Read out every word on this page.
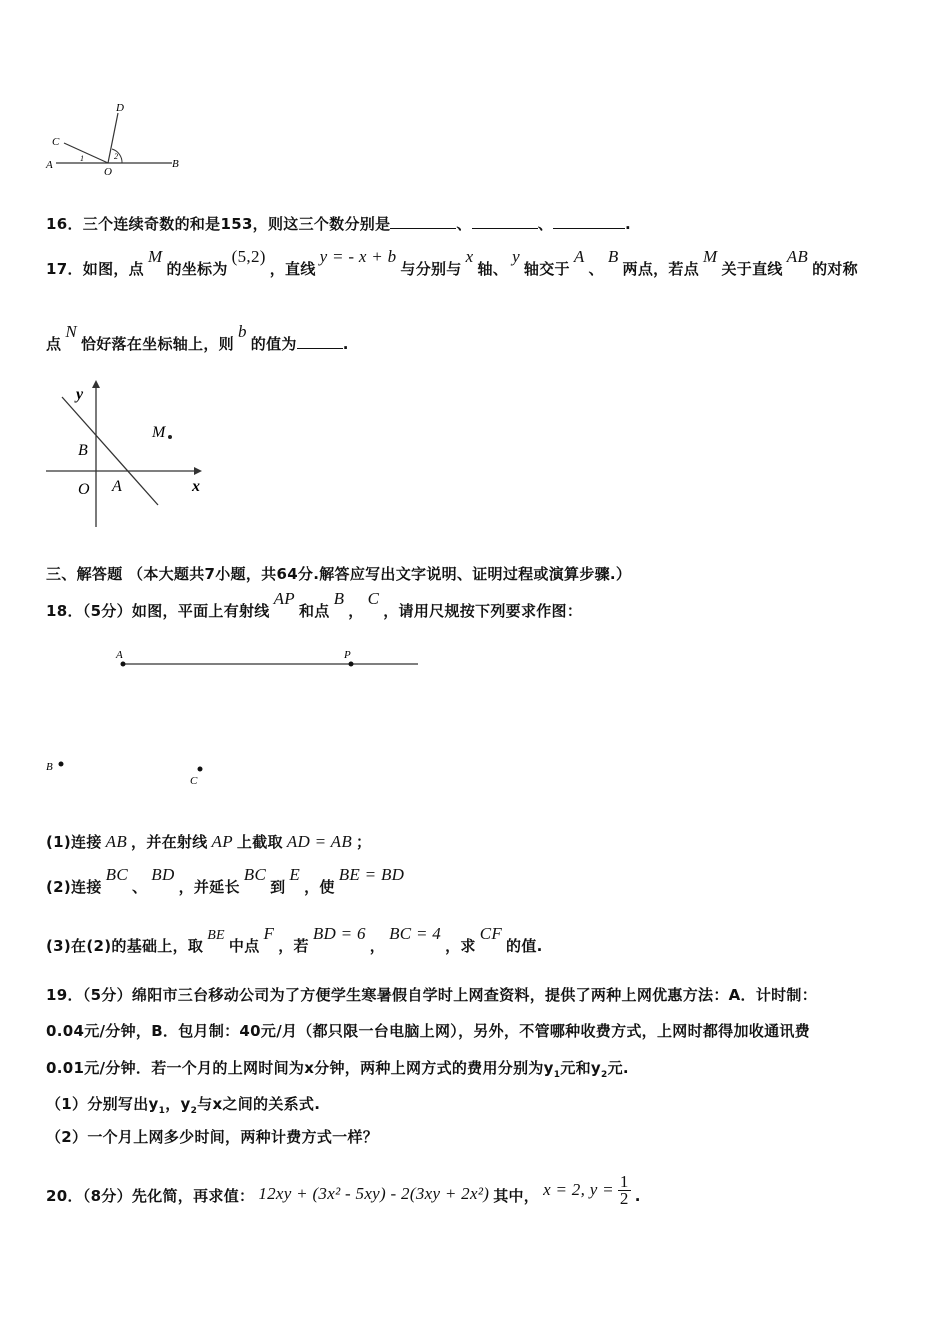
D
C
A
1	2
O
B
16．三个连续奇数的和是153，则这三个数分别是	、	、	.
17．如图，点M的坐标为(5,2)，直线y = - x + b与分别与x轴、y轴交于A、B两点，若点M关于直线AB的对称
点N恰好落在坐标轴上，则b的值为	.
y
M
B
O A	x
三、解答题 （本大题共7小题，共64分.解答应写出文字说明、证明过程或演算步骤.）
18．（5分）如图，平面上有射线AP和点B，C，请用尺规按下列要求作图：
A	P
B
C
(1)连接 AB ，并在射线 AP 上截取 AD = AB ；
(2)连接BC、BD，并延长BC到E，使BE = BD
(3)在(2)的基础上，取BE中点F，若BD = 6，BC = 4，求CF的值.
19．（5分）绵阳市三台移动公司为了方便学生寒暑假自学时上网查资料，提供了两种上网优惠方法：A．计时制：
0.04元/分钟，B．包月制：40元/月（都只限一台电脑上网），另外，不管哪种收费方式，上网时都得加收通讯费
0.01元/分钟．若一个月的上网时间为x分钟，两种上网方式的费用分别为$y_1$元和$y_2$元.
（1）分别写出$y_1$，$y_2$与x之间的关系式.
（2）一个月上网多少时间，两种计费方式一样？
20．（8分）先化简，再求值： 12xy + (3x² - 5xy) - 2(3xy + 2x²) 其中， x = 2, $y = \frac{1}{2}$ .
